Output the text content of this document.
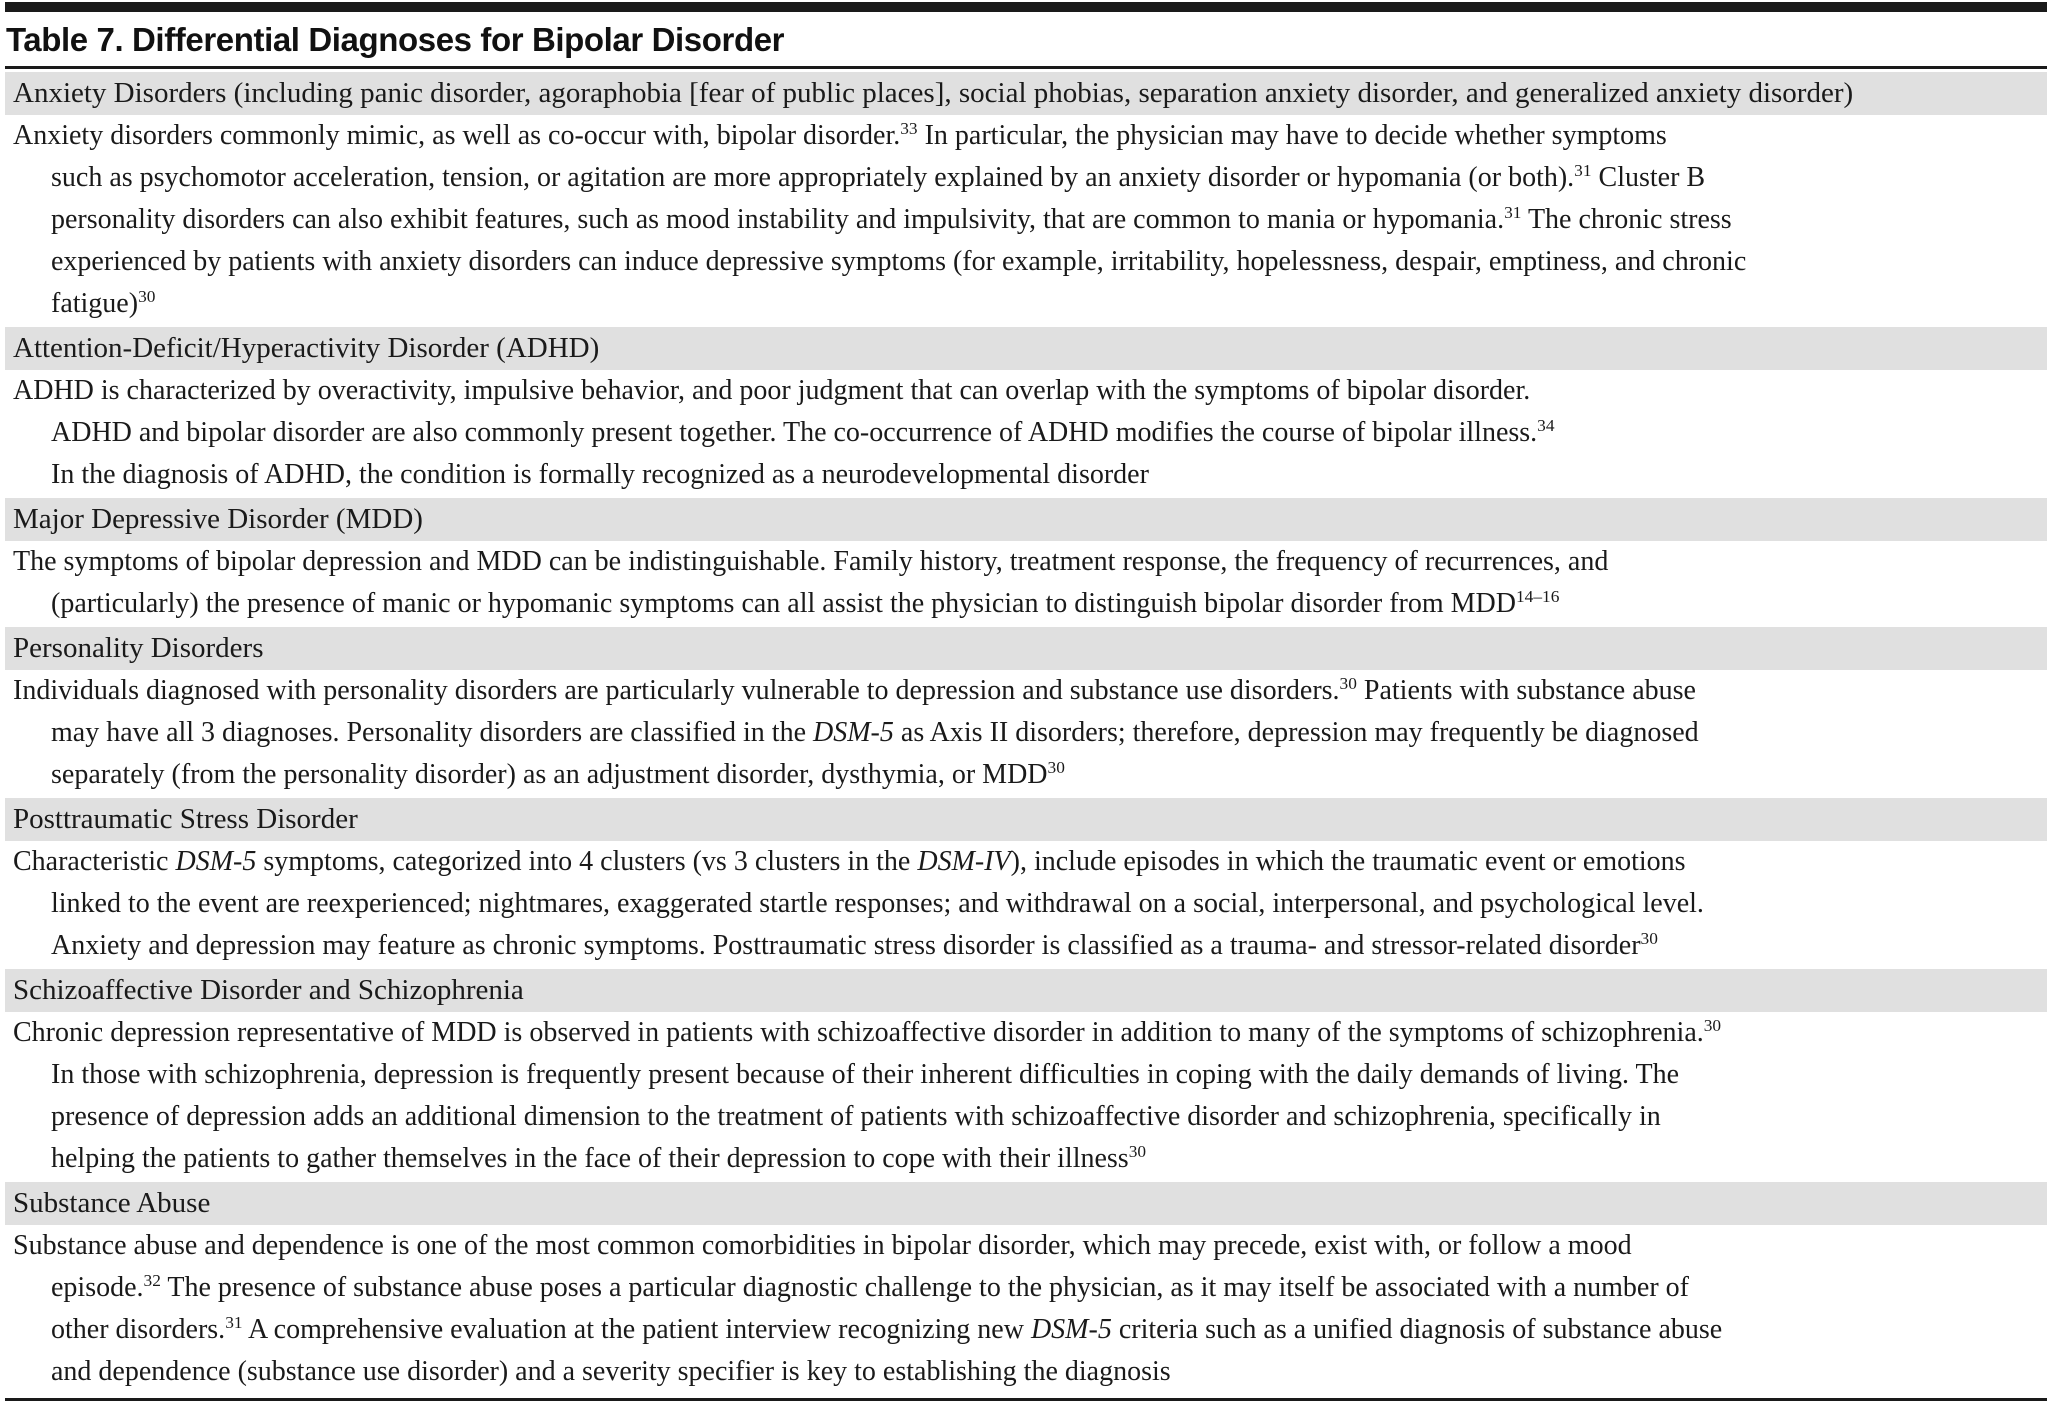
Table 7. Differential Diagnoses for Bipolar Disorder
Anxiety Disorders (including panic disorder, agoraphobia [fear of public places], social phobias, separation anxiety disorder, and generalized anxiety disorder)
Anxiety disorders commonly mimic, as well as co-occur with, bipolar disorder.$^{33}$ In particular, the physician may have to decide whether symptoms
such as psychomotor acceleration, tension, or agitation are more appropriately explained by an anxiety disorder or hypomania (or both).$^{31}$ Cluster B
personality disorders can also exhibit features, such as mood instability and impulsivity, that are common to mania or hypomania.$^{31}$ The chronic stress
experienced by patients with anxiety disorders can induce depressive symptoms (for example, irritability, hopelessness, despair, emptiness, and chronic
fatigue)$^{30}$
Attention-Deficit/Hyperactivity Disorder (ADHD)
ADHD is characterized by overactivity, impulsive behavior, and poor judgment that can overlap with the symptoms of bipolar disorder.
ADHD and bipolar disorder are also commonly present together. The co-occurrence of ADHD modifies the course of bipolar illness.$^{34}$
In the diagnosis of ADHD, the condition is formally recognized as a neurodevelopmental disorder
Major Depressive Disorder (MDD)
The symptoms of bipolar depression and MDD can be indistinguishable. Family history, treatment response, the frequency of recurrences, and
(particularly) the presence of manic or hypomanic symptoms can all assist the physician to distinguish bipolar disorder from MDD$^{14-16}$
Personality Disorders
Individuals diagnosed with personality disorders are particularly vulnerable to depression and substance use disorders.$^{30}$ Patients with substance abuse
may have all 3 diagnoses. Personality disorders are classified in the DSM-5 as Axis II disorders; therefore, depression may frequently be diagnosed
separately (from the personality disorder) as an adjustment disorder, dysthymia, or MDD$^{30}$
Posttraumatic Stress Disorder
Characteristic DSM-5 symptoms, categorized into 4 clusters (vs 3 clusters in the DSM-IV), include episodes in which the traumatic event or emotions
linked to the event are reexperienced; nightmares, exaggerated startle responses; and withdrawal on a social, interpersonal, and psychological level.
Anxiety and depression may feature as chronic symptoms. Posttraumatic stress disorder is classified as a trauma- and stressor-related disorder$^{30}$
Schizoaffective Disorder and Schizophrenia
Chronic depression representative of MDD is observed in patients with schizoaffective disorder in addition to many of the symptoms of schizophrenia.$^{30}$
In those with schizophrenia, depression is frequently present because of their inherent difficulties in coping with the daily demands of living. The
presence of depression adds an additional dimension to the treatment of patients with schizoaffective disorder and schizophrenia, specifically in
helping the patients to gather themselves in the face of their depression to cope with their illness$^{30}$
Substance Abuse
Substance abuse and dependence is one of the most common comorbidities in bipolar disorder, which may precede, exist with, or follow a mood
episode.$^{32}$ The presence of substance abuse poses a particular diagnostic challenge to the physician, as it may itself be associated with a number of
other disorders.$^{31}$ A comprehensive evaluation at the patient interview recognizing new DSM-5 criteria such as a unified diagnosis of substance abuse
and dependence (substance use disorder) and a severity specifier is key to establishing the diagnosis
